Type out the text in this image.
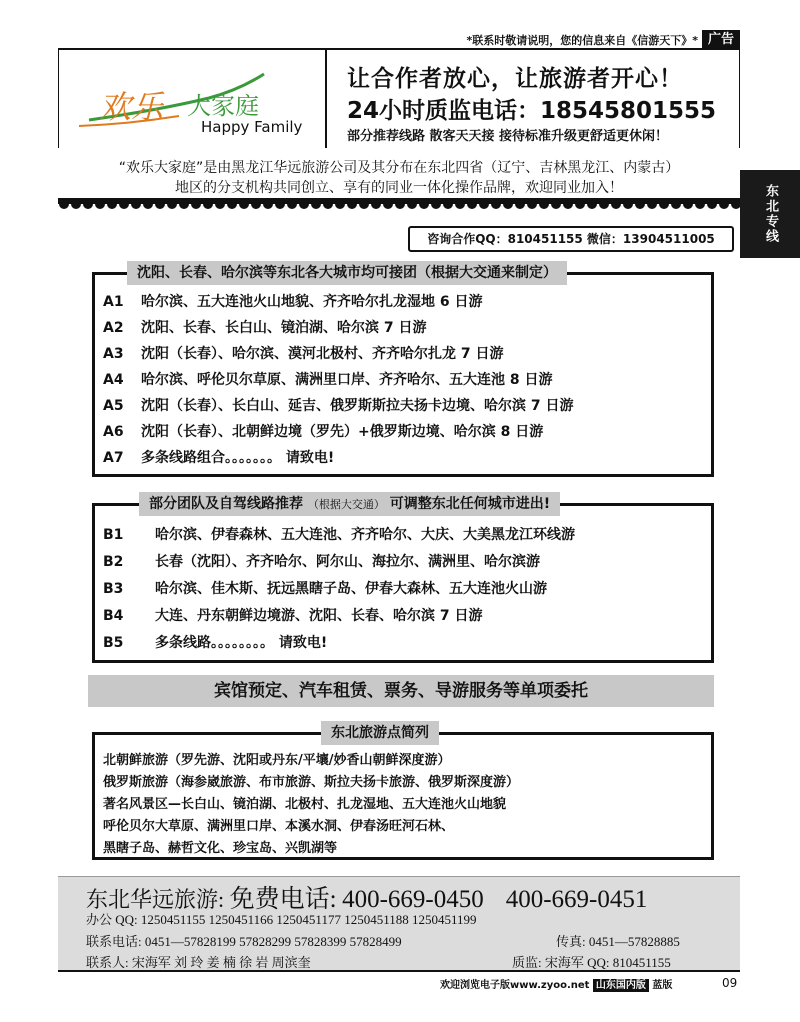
*联系时敬请说明，您的信息来自《信游天下》* 广告
东北专线
欢乐 大家庭
Happy Family
让合作者放心，让旅游者开心！
24小时质监电话：18545801555
部分推荐线路 散客天天接 接待标准升级更舒适更休闲！
“欢乐大家庭”是由黑龙江华远旅游公司及其分布在东北四省（辽宁、吉林黑龙江、内蒙古）
地区的分支机构共同创立、享有的同业一体化操作品牌，欢迎同业加入！
咨询合作QQ：810451155 微信：13904511005
沈阳、长春、哈尔滨等东北各大城市均可接团（根据大交通来制定）
A1 哈尔滨、五大连池火山地貌、齐齐哈尔扎龙湿地 6 日游
A2 沈阳、长春、长白山、镜泊湖、哈尔滨 7 日游
A3 沈阳（长春）、哈尔滨、漠河北极村、齐齐哈尔扎龙 7 日游
A4 哈尔滨、呼伦贝尔草原、满洲里口岸、齐齐哈尔、五大连池 8 日游
A5 沈阳（长春）、长白山、延吉、俄罗斯斯拉夫扬卡边境、哈尔滨 7 日游
A6 沈阳（长春）、北朝鲜边境（罗先）+俄罗斯边境、哈尔滨 8 日游
A7 多条线路组合。。。。。。。 请致电!
部分团队及自驾线路推荐 （根据大交通） 可调整东北任何城市进出!
B1 哈尔滨、伊春森林、五大连池、齐齐哈尔、大庆、大美黑龙江环线游
B2 长春（沈阳）、齐齐哈尔、阿尔山、海拉尔、满洲里、哈尔滨游
B3 哈尔滨、佳木斯、抚远黑瞎子岛、伊春大森林、五大连池火山游
B4 大连、丹东朝鲜边境游、沈阳、长春、哈尔滨 7 日游
B5 多条线路。。。。。。。。 请致电!
宾馆预定、汽车租赁、票务、导游服务等单项委托
东北旅游点简列
北朝鲜旅游（罗先游、沈阳或丹东/平壤/妙香山朝鲜深度游）
俄罗斯旅游（海参崴旅游、布市旅游、斯拉夫扬卡旅游、俄罗斯深度游）
著名风景区—长白山、镜泊湖、北极村、扎龙湿地、五大连池火山地貌
呼伦贝尔大草原、满洲里口岸、本溪水洞、伊春汤旺河石林、
黑瞎子岛、赫哲文化、珍宝岛、兴凯湖等
东北华远旅游: 免费电话: 400-669-0450 400-669-0451
办公 QQ: 1250451155 1250451166 1250451177 1250451188 1250451199
联系电话: 0451—57828199 57828299 57828399 57828499	传真: 0451—57828885
联系人: 宋海军 刘 玲 姜 楠 徐 岩 周滨奎	质监: 宋海军 QQ: 810451155
欢迎浏览电子版www.zyoo.net 山东国内版 蓝版	09
